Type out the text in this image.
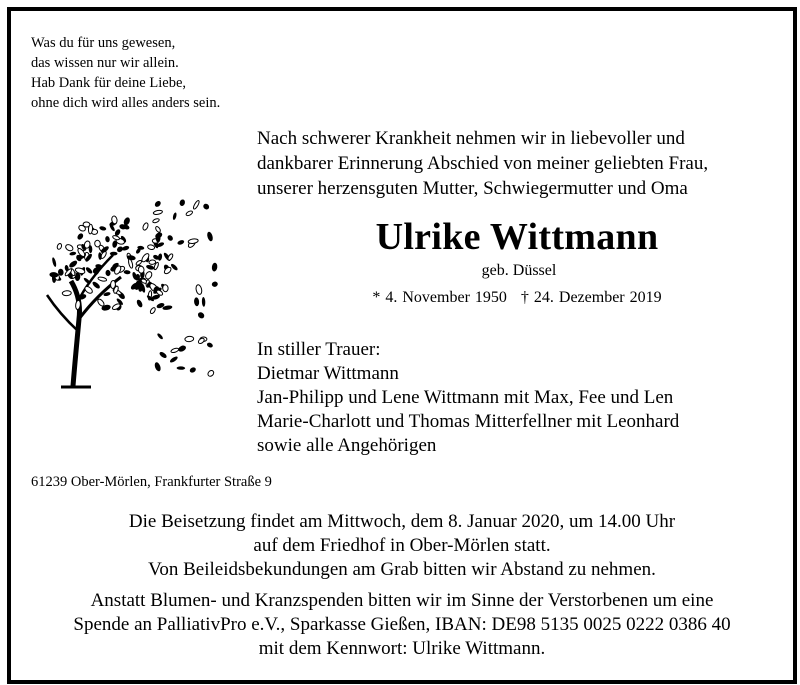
Was du für uns gewesen,
das wissen nur wir allein.
Hab Dank für deine Liebe,
ohne dich wird alles anders sein.
Nach schwerer Krankheit nehmen wir in liebevoller und
dankbarer Erinnerung Abschied von meiner geliebten Frau,
unserer herzensguten Mutter, Schwiegermutter und Oma
Ulrike Wittmann
geb. Düssel
* 4. November 1950 † 24. Dezember 2019
In stiller Trauer:
Dietmar Wittmann
Jan-Philipp und Lene Wittmann mit Max, Fee und Len
Marie-Charlott und Thomas Mitterfellner mit Leonhard
sowie alle Angehörigen
61239 Ober-Mörlen, Frankfurter Straße 9
Die Beisetzung findet am Mittwoch, dem 8. Januar 2020, um 14.00 Uhr
auf dem Friedhof in Ober-Mörlen statt.
Von Beileidsbekundungen am Grab bitten wir Abstand zu nehmen.
Anstatt Blumen- und Kranzspenden bitten wir im Sinne der Verstorbenen um eine
Spende an PalliativPro e.V., Sparkasse Gießen, IBAN: DE98 5135 0025 0222 0386 40
mit dem Kennwort: Ulrike Wittmann.
